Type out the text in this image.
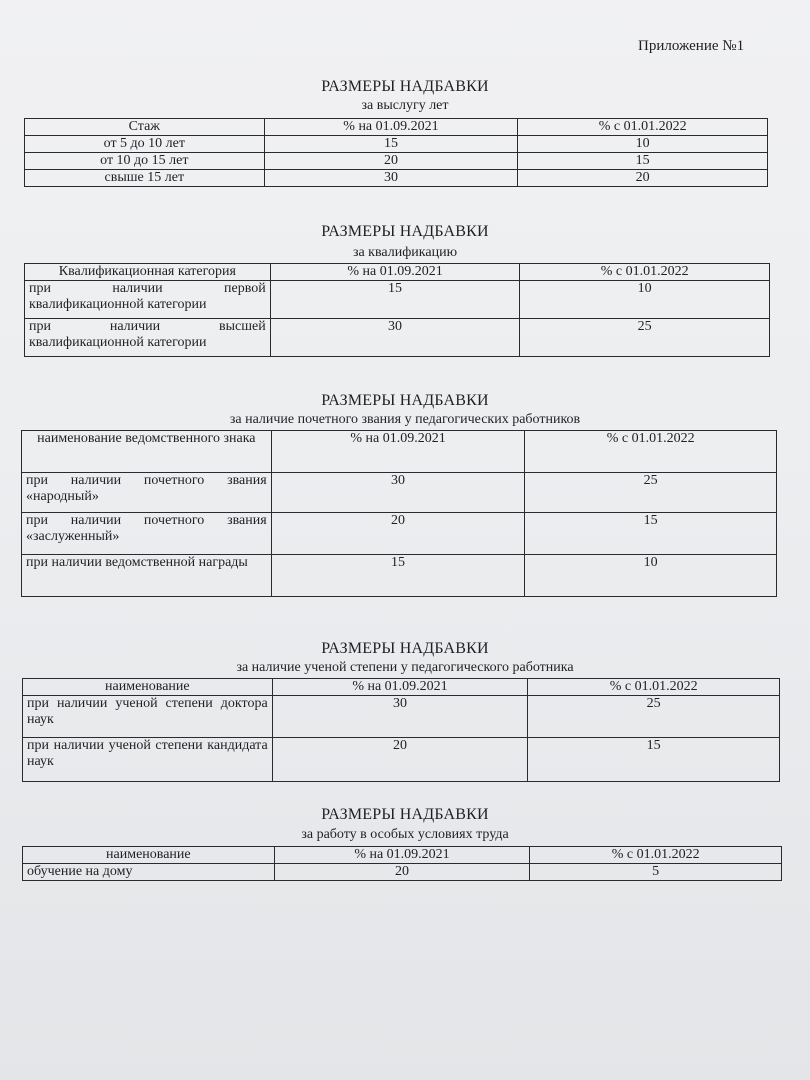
Приложение №1
РАЗМЕРЫ НАДБАВКИ
за выслугу лет
Стаж	% на 01.09.2021	% с 01.01.2022
от 5 до 10 лет	15	10
от 10 до 15 лет	20	15
свыше 15 лет	30	20
РАЗМЕРЫ НАДБАВКИ
за квалификацию
Квалификационная категория	% на 01.09.2021	% с 01.01.2022
при наличии первой квалификационной категории	15	10
при наличии высшей квалификационной категории	30	25
РАЗМЕРЫ НАДБАВКИ
за наличие почетного звания у педагогических работников
наименование ведомственного знака	% на 01.09.2021	% с 01.01.2022
при наличии почетного звания «народный»	30	25
при наличии почетного звания «заслуженный»	20	15
при наличии ведомственной награды	15	10
РАЗМЕРЫ НАДБАВКИ
за наличие ученой степени у педагогического работника
наименование	% на 01.09.2021	% с 01.01.2022
при наличии ученой степени доктора наук	30	25
при наличии ученой степени кандидата наук	20	15
РАЗМЕРЫ НАДБАВКИ
за работу в особых условиях труда
наименование	% на 01.09.2021	% с 01.01.2022
обучение на дому	20	5
